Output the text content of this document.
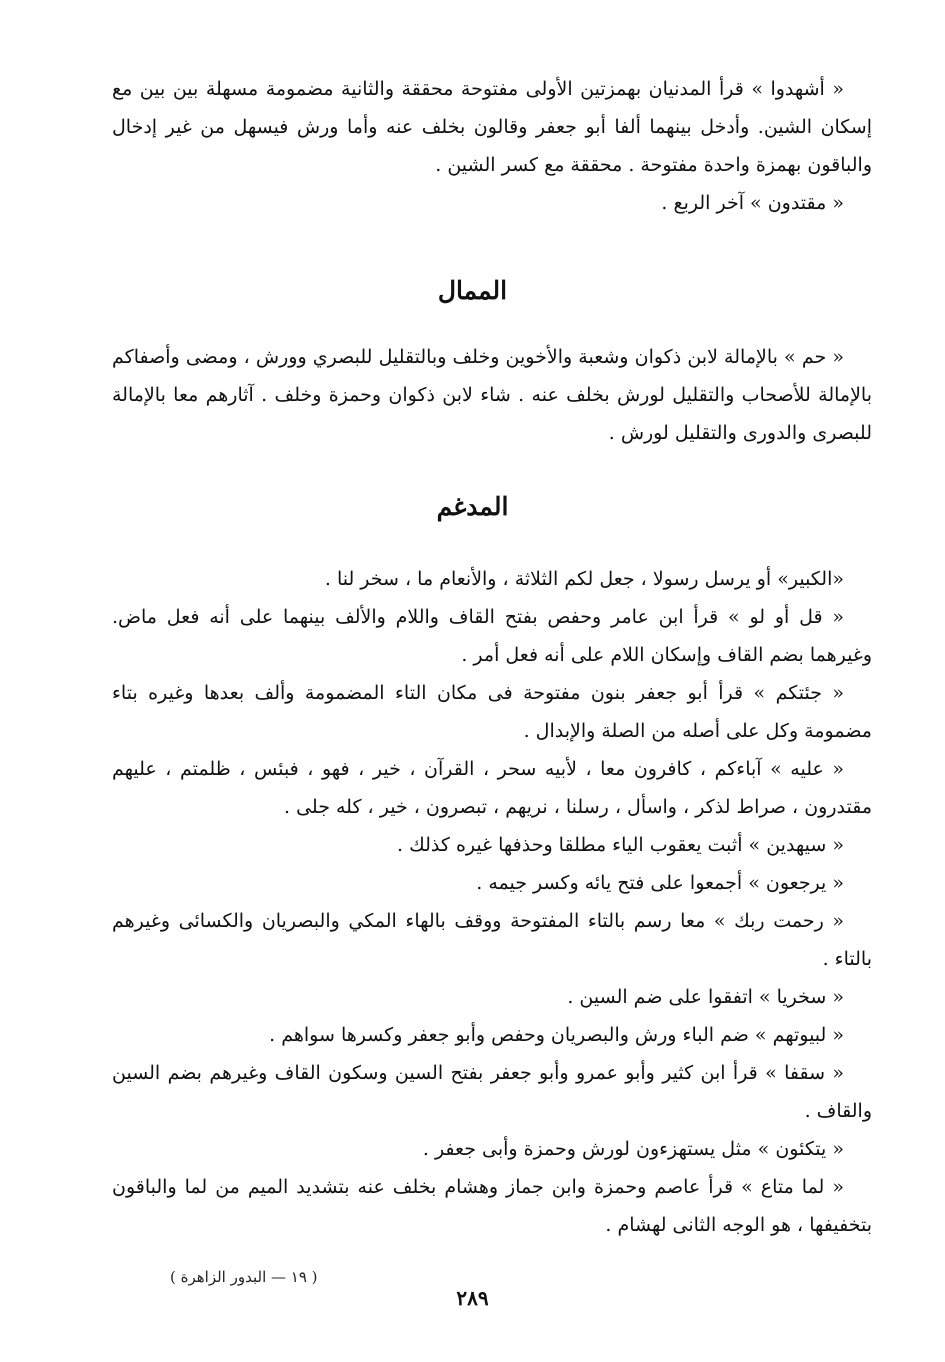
« أشهدوا » قرأ المدنيان بهمزتين الأولى مفتوحة محققة والثانية مضمومة مسهلة بين بين مع إسكان الشين. وأدخل بينهما ألفا أبو جعفر وقالون بخلف عنه وأما ورش فيسهل من غير إدخال والباقون بهمزة واحدة مفتوحة . محققة مع كسر الشين .

« مقتدون » آخر الربع .

الممال

« حم » بالإمالة لابن ذكوان وشعبة والأخوين وخلف وبالتقليل للبصري وورش ، ومضى وأصفاكم بالإمالة للأصحاب والتقليل لورش بخلف عنه . شاء لابن ذكوان وحمزة وخلف . آثارهم معا بالإمالة للبصرى والدورى والتقليل لورش .

المدغم

«الكبير» أو يرسل رسولا ، جعل لكم الثلاثة ، والأنعام ما ، سخر لنا .

« قل أو لو » قرأ ابن عامر وحفص بفتح القاف واللام والألف بينهما على أنه فعل ماض. وغيرهما بضم القاف وإسكان اللام على أنه فعل أمر .

« جئتكم » قرأ أبو جعفر بنون مفتوحة فى مكان التاء المضمومة وألف بعدها وغيره بتاء مضمومة وكل على أصله من الصلة والإبدال .

« عليه » آباءكم ، كافرون معا ، لأبيه سحر ، القرآن ، خير ، فهو ، فبئس ، ظلمتم ، عليهم مقتدرون ، صراط لذكر ، واسأل ، رسلنا ، نريهم ، تبصرون ، خير ، كله جلى .

« سيهدين » أثبت يعقوب الياء مطلقا وحذفها غيره كذلك .

« يرجعون » أجمعوا على فتح يائه وكسر جيمه .

« رحمت ربك » معا رسم بالتاء المفتوحة ووقف بالهاء المكي والبصريان والكسائى وغيرهم بالتاء .

« سخريا » اتفقوا على ضم السين .

« لبيوتهم » ضم الباء ورش والبصريان وحفص وأبو جعفر وكسرها سواهم .

« سقفا » قرأ ابن كثير وأبو عمرو وأبو جعفر بفتح السين وسكون القاف وغيرهم بضم السين والقاف .

« يتكئون » مثل يستهزءون لورش وحمزة وأبى جعفر .

« لما متاع » قرأ عاصم وحمزة وابن جماز وهشام بخلف عنه بتشديد الميم من لما والباقون بتخفيفها ، هو الوجه الثانى لهشام .

( ١٩ — البدور الزاهرة )
٢٨٩
